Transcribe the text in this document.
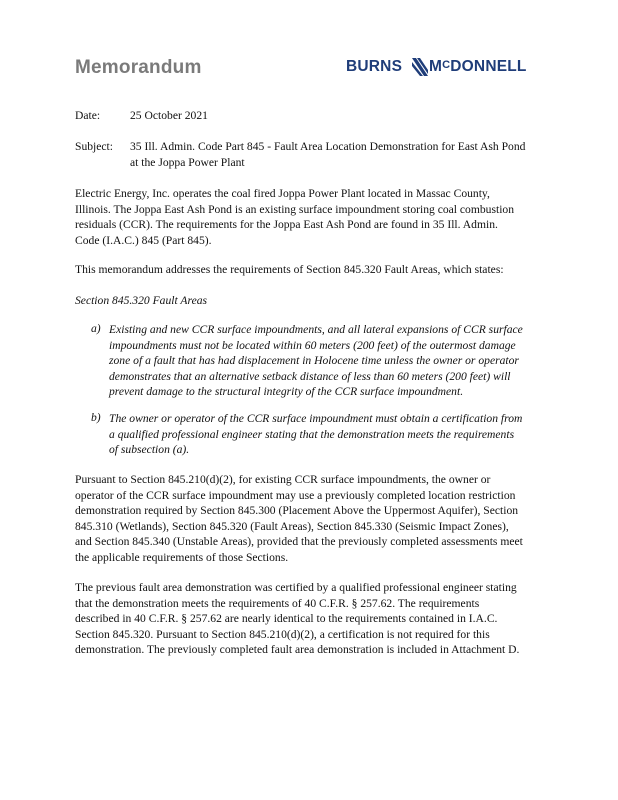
Memorandum	BURNS MCDONNELL
Date:	25 October 2021
Subject: 35 Ill. Admin. Code Part 845 - Fault Area Location Demonstration for East Ash Pond
at the Joppa Power Plant
Electric Energy, Inc. operates the coal fired Joppa Power Plant located in Massac County,
Illinois. The Joppa East Ash Pond is an existing surface impoundment storing coal combustion
residuals (CCR). The requirements for the Joppa East Ash Pond are found in 35 Ill. Admin.
Code (I.A.C.) 845 (Part 845).
This memorandum addresses the requirements of Section 845.320 Fault Areas, which states:
Section 845.320 Fault Areas
a) Existing and new CCR surface impoundments, and all lateral expansions of CCR surface
impoundments must not be located within 60 meters (200 feet) of the outermost damage
zone of a fault that has had displacement in Holocene time unless the owner or operator
demonstrates that an alternative setback distance of less than 60 meters (200 feet) will
prevent damage to the structural integrity of the CCR surface impoundment.
b) The owner or operator of the CCR surface impoundment must obtain a certification from
a qualified professional engineer stating that the demonstration meets the requirements
of subsection (a).
Pursuant to Section 845.210(d)(2), for existing CCR surface impoundments, the owner or
operator of the CCR surface impoundment may use a previously completed location restriction
demonstration required by Section 845.300 (Placement Above the Uppermost Aquifer), Section
845.310 (Wetlands), Section 845.320 (Fault Areas), Section 845.330 (Seismic Impact Zones),
and Section 845.340 (Unstable Areas), provided that the previously completed assessments meet
the applicable requirements of those Sections.
The previous fault area demonstration was certified by a qualified professional engineer stating
that the demonstration meets the requirements of 40 C.F.R. § 257.62. The requirements
described in 40 C.F.R. § 257.62 are nearly identical to the requirements contained in I.A.C.
Section 845.320. Pursuant to Section 845.210(d)(2), a certification is not required for this
demonstration. The previously completed fault area demonstration is included in Attachment D.
